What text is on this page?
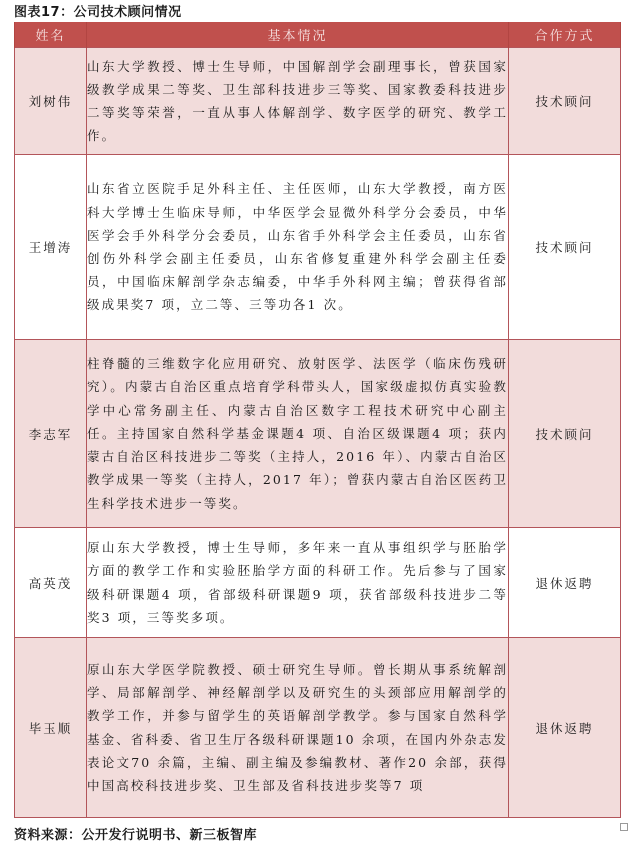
图表17：公司技术顾问情况
姓名	基本情况	合作方式
刘树伟	山东大学教授、博士生导师，中国解剖学会副理事长，曾获国家级教学成果二等奖、卫生部科技进步三等奖、国家教委科技进步二等奖等荣誉，一直从事人体解剖学、数字医学的研究、教学工作。	技术顾问
王增涛	山东省立医院手足外科主任、主任医师，山东大学教授，南方医科大学博士生临床导师，中华医学会显微外科学分会委员，中华医学会手外科学分会委员，山东省手外科学会主任委员，山东省创伤外科学会副主任委员，山东省修复重建外科学会副主任委员，中国临床解剖学杂志编委，中华手外科网主编；曾获得省部级成果奖7 项，立二等、三等功各1 次。	技术顾问
李志军	柱脊髓的三维数字化应用研究、放射医学、法医学（临床伤残研究）。内蒙古自治区重点培育学科带头人，国家级虚拟仿真实验教学中心常务副主任、内蒙古自治区数字工程技术研究中心副主任。主持国家自然科学基金课题4 项、自治区级课题4 项；获内蒙古自治区科技进步二等奖（主持人，2016 年）、内蒙古自治区教学成果一等奖（主持人，2017 年）；曾获内蒙古自治区医药卫生科学技术进步一等奖。	技术顾问
高英茂	原山东大学教授，博士生导师，多年来一直从事组织学与胚胎学方面的教学工作和实验胚胎学方面的科研工作。先后参与了国家级科研课题4 项，省部级科研课题9 项，获省部级科技进步二等奖3 项，三等奖多项。	退休返聘
毕玉顺	原山东大学医学院教授、硕士研究生导师。曾长期从事系统解剖学、局部解剖学、神经解剖学以及研究生的头颈部应用解剖学的教学工作，并参与留学生的英语解剖学教学。参与国家自然科学基金、省科委、省卫生厅各级科研课题10 余项，在国内外杂志发表论文70 余篇，主编、副主编及参编教材、著作20 余部，获得中国高校科技进步奖、卫生部及省科技进步奖等7 项	退休返聘
资料来源：公开发行说明书、新三板智库
